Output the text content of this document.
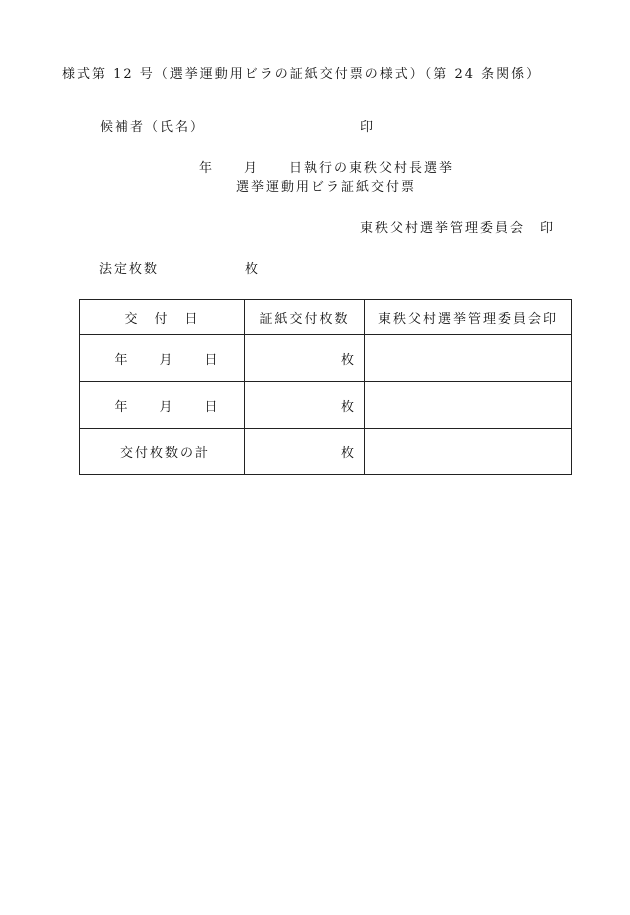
様式第 12 号（選挙運動用ビラの証紙交付票の様式）（第 24 条関係）
候補者（氏名）	印
年　　月　　日執行の東秩父村長選挙
選挙運動用ビラ証紙交付票
東秩父村選挙管理委員会　印
法定枚数	枚
交　付　日	証紙交付枚数	東秩父村選挙管理委員会印
年　　月　　日	枚	
年　　月　　日	枚	
交付枚数の計	枚	
